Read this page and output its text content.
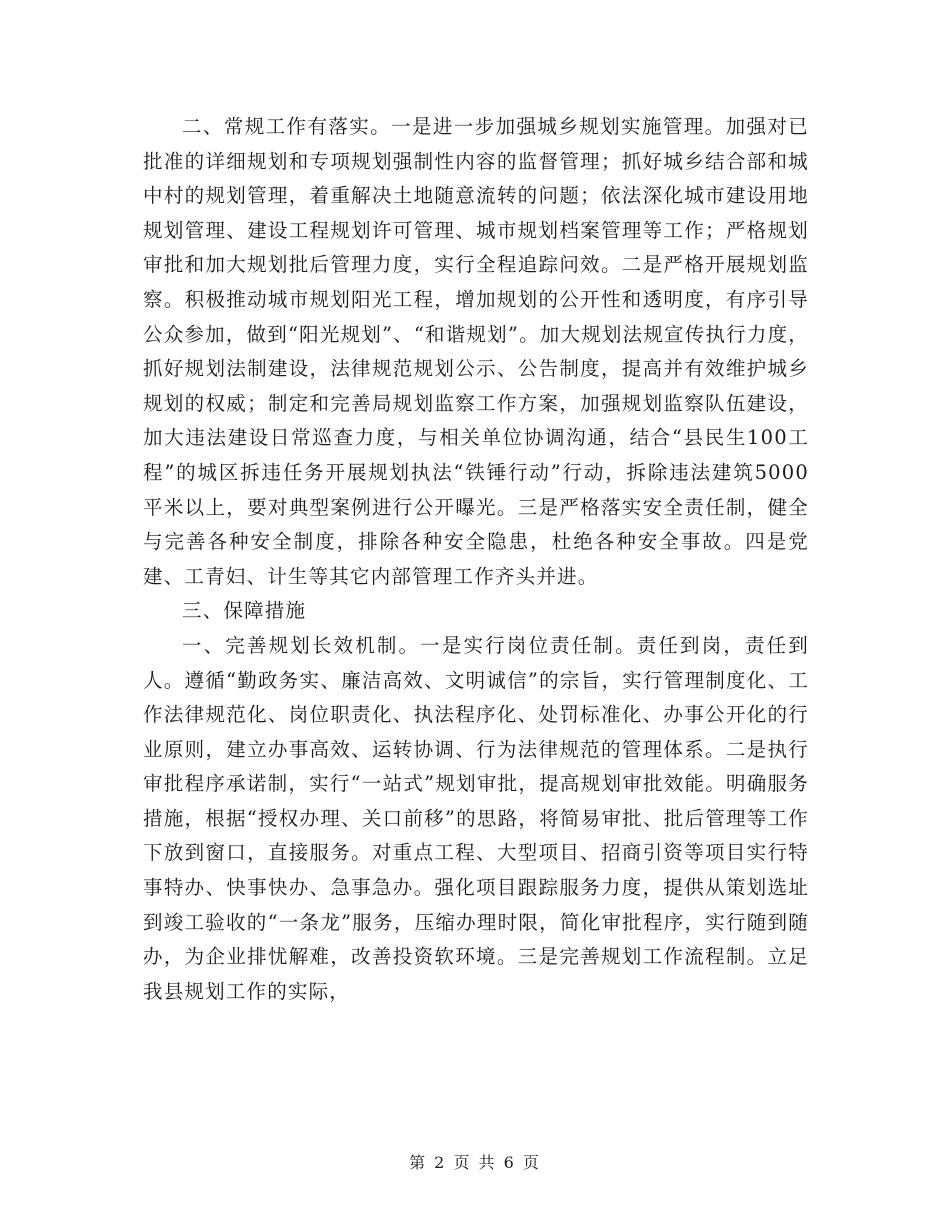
二、常规工作有落实。一是进一步加强城乡规划实施管理。加强对已批准的详细规划和专项规划强制性内容的监督管理；抓好城乡结合部和城中村的规划管理，着重解决土地随意流转的问题；依法深化城市建设用地规划管理、建设工程规划许可管理、城市规划档案管理等工作；严格规划审批和加大规划批后管理力度，实行全程追踪问效。二是严格开展规划监察。积极推动城市规划阳光工程，增加规划的公开性和透明度，有序引导公众参加，做到“阳光规划”、“和谐规划”。加大规划法规宣传执行力度，抓好规划法制建设，法律规范规划公示、公告制度，提高并有效维护城乡规划的权威；制定和完善局规划监察工作方案，加强规划监察队伍建设，加大违法建设日常巡查力度，与相关单位协调沟通，结合“县民生100工程”的城区拆违任务开展规划执法“铁锤行动”行动，拆除违法建筑5000平米以上，要对典型案例进行公开曝光。三是严格落实安全责任制，健全与完善各种安全制度，排除各种安全隐患，杜绝各种安全事故。四是党建、工青妇、计生等其它内部管理工作齐头并进。

三、保障措施

一、完善规划长效机制。一是实行岗位责任制。责任到岗，责任到人。遵循“勤政务实、廉洁高效、文明诚信”的宗旨，实行管理制度化、工作法律规范化、岗位职责化、执法程序化、处罚标准化、办事公开化的行业原则，建立办事高效、运转协调、行为法律规范的管理体系。二是执行审批程序承诺制，实行“一站式”规划审批，提高规划审批效能。明确服务措施，根据“授权办理、关口前移”的思路，将简易审批、批后管理等工作下放到窗口，直接服务。对重点工程、大型项目、招商引资等项目实行特事特办、快事快办、急事急办。强化项目跟踪服务力度，提供从策划选址到竣工验收的“一条龙”服务，压缩办理时限，简化审批程序，实行随到随办，为企业排忧解难，改善投资软环境。三是完善规划工作流程制。立足我县规划工作的实际，

第 2 页 共 6 页
